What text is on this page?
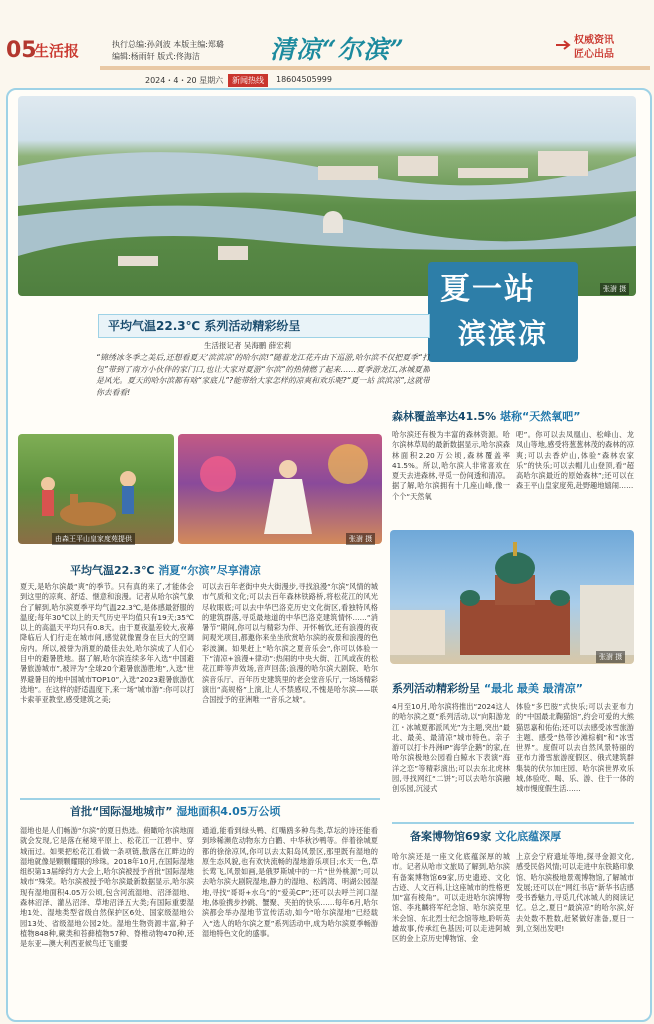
05
生活报	执行总编:孙剑波 本版主编:郑璐
编辑:杨雨轩 版式:佟海洁	清凉“尔滨”	权威资讯
匠心出品
2024・4・20 星期六	新闻热线	18604505999
张澍 摄
夏一站
滨滨凉
平均气温22.3℃ 系列活动精彩纷呈
生活报记者 吴海鹏 薛宏莉
“锦绣冰冬季之美后,还想看夏天‘滨滨凉’的哈尔滨!”随着龙江花卉由下巡游,哈尔滨不仅把夏季“打包”带到了南方小伙伴的家门口,也让大家对夏游“尔滨”的热情燃了起来……夏季游龙江,冰城夏都是风光。夏天的哈尔滨都有啥“家底儿”?能带给大家怎样的凉爽和欢乐呢?“夏一站 滨滨凉”,这就带你去看看!
由森王平山皇家度苑提供	张澍 摄
平均气温22.3℃ 消夏“尔滨”尽享清凉
夏天,是哈尔滨最“爽”的季节。只有真的来了,才能体会到这里的凉爽、舒适、惬意和浪漫。记者从哈尔滨气象台了解到,哈尔滨夏季平均气温22.3℃,是体感最舒服的温度;每年30℃以上的天气历史平均值只有19天;35℃以上的高温天平均只有0.8天。由于夏夜温差较大,夜幕降临后人们行走在城市间,感觉就像置身在巨大的空调房内。所以,被誉为消夏的最佳去处,哈尔滨成了人们心目中的避暑胜地。据了解,哈尔滨连续多年入选“中国避暑旅游城市”,被评为“全球20个避暑旅游胜地”,入选“世界避暑目的地中国城市TOP10”,入选“2023避暑旅游优选地”。在这样的舒适温度下,来一场“城市游”:你可以打卡索菲亚教堂,感受建筑之美;
可以去百年老街中央大街漫步,寻找浪漫“尔滨”风情的城市气质和文化;可以去百年森林铁路桥,将松花江的风光尽收眼底;可以去中华巴洛克历史文化街区,看独特风格的建筑群落,寻觅最地道的中华巴洛克建筑情怀……“消暑节”期间,你可以与精彩为伴、开怀畅饮,还有浪漫的夜间观光项目,都邀你来坐坐欣赏哈尔滨的夜景和浪漫的色彩波澜。如果赶上“哈尔滨之夏音乐会”,你可以体验一下“清凉+浪漫+律动”:热闹的中央大街、江风或夜的松花江畔等声效场,音声回荡;浪漫的哈尔滨大剧院、哈尔滨音乐厅、百年历史建筑里的老会堂音乐厅,一场场精彩演出“高规格”上演,让人不禁感叹,不愧是哈尔滨——联合国授予的亚洲唯一“音乐之城”。
首批“国际湿地城市” 湿地面积4.05万公顷
湿地也是人们畅游“尔滨”的夏日热选。俯瞰哈尔滨地面就会发现,它是落在秘境平原上、松花江一江碧中、穿城而过。如果把松花江看做一条项链,散落在江畔边的湿地就像是颗颗耀眼的珍珠。2018年10月,在国际湿地组织第13届缔约方大会上,哈尔滨被授予首批“国际湿地城市”殊荣。哈尔滨被授予哈尔滨最新数据显示,哈尔滨现有湿地面积4.05万公顷,包含河流湿地、沼泽湿地、森林沼泽、灌丛沼泽、草地沼泽五大类;有国际重要湿地1处、湿地类型省级自然保护区6处、国家级湿地公园13处、省级湿地公园2处。湿地生物资源丰富,种子植物848种,蕨类和苔藓植物57种、脊椎动物470种,还是东亚—澳大利西亚候鸟迁飞重要
通道,能看到绿头鸭、红嘴鸥多种鸟类,草坛的诗还能看到珍稀濒危动物东方白鹳、中华秋沙鸭等。伴着徐城夏都的徐徐凉风,你可以去太阳岛风景区,那里既有湿地的原生态风貌,也有欢快流畅的湿地游乐项目;水天一色,草长莺飞,风景如画,是俄罗斯城中的一片“世外桃源”;可以去哈尔滨大剧院湿地,静力的湿地、松鸽湾、明湖公园湿地,寻找“哥哥+水乌”的“爱美CP”;还可以去呼兰河口湿地,体验携步抄跳、蟹聚、夹拍的快乐……每年6月,哈尔滨都会举办湿地节宣传活动,如今“哈尔滨湿地”已经载入“选人的哈尔滨之夏”系列活动中,成为哈尔滨夏季畅游湿地特色文化的盛事。
森林覆盖率达41.5% 堪称“天然氧吧”
哈尔滨还有极为丰富的森林资源。哈尔滨林草局的最新数据显示,哈尔滨森林面积2.20万公顷,森林覆盖率41.5%。所以,哈尔滨人非常喜欢在夏天去进森林,寻觅一份间透和清凉。据了解,哈尔滨拥有十几座山峰,像一个个“天然氧
吧”。你可以去凤凰山、松峰山、龙凤山等地,感受将葱葱林茂的森林的凉爽;可以去香炉山,体验“森林农家乐”的快乐;可以去帽儿山登顶,看“超高哈尔滨最近的原始森林”;还可以在森王平山皇家度苑,赴野趣地嬉闹……
张澍 摄
系列活动精彩纷呈 “最北 最美 最清凉”
4月至10月,哈尔滨将推出“2024这人的哈尔滨之夏”系列活动,以“向阳游龙江・冰城夏都派风光”为主题,突出“最北、最美、最清凉”城市特色。亲子游可以打卡丹洲IP“海学企鹅”的家,在哈尔滨极地公园看白鲸水下表演“海洋之恋”等精彩演出;可以去东北虎林园,寻找网红“二饼”;可以去哈尔滨融创乐园,沉浸式
体验“多巴胺”式快乐;可以去亚布力的“中国最北鞠猫馆”,约会可爱的大熊猫思嘉和佑佑;还可以去感受冰雪旅游主题、感受“热带沙滩棕榈”和“冰雪世界”。度假可以去自然风景特丽的亚布力滑雪旅游度假区、俄式建筑群集装的伏尔加庄园、哈尔滨世界欢乐城,体验吃、喝、乐、游、住于一体的城市慢度假生活……
备案博物馆69家 文化底蕴深厚
哈尔滨还是一座文化底蕴深厚的城市。记者从哈市文旅局了解到,哈尔滨有备案博物馆69家,历史遗迹、文化古迹、人文百科,让这座城市的性格更加“富有棱角”。可以走进哈尔滨博物馆、李兆麟将军纪念馆、哈尔滨克里米会馆、东北烈士纪念馆等地,聆听英雄故事,传承红色基因;可以走进阿城区的金上京历史博物馆、金
上京会宁府遗址等地,探寻金源文化,感受民俗风情;可以走进中东铁路印象馆、哈尔滨极地景观博物馆,了解城市发展;还可以在“网红书店”新华书店感受书香魅力,寻觅几代冰城人的阅读记忆。总之,夏日“最滨凉”的哈尔滨,好去处数不胜数,赶紧做好准备,夏日一到,立刻出发吧!
